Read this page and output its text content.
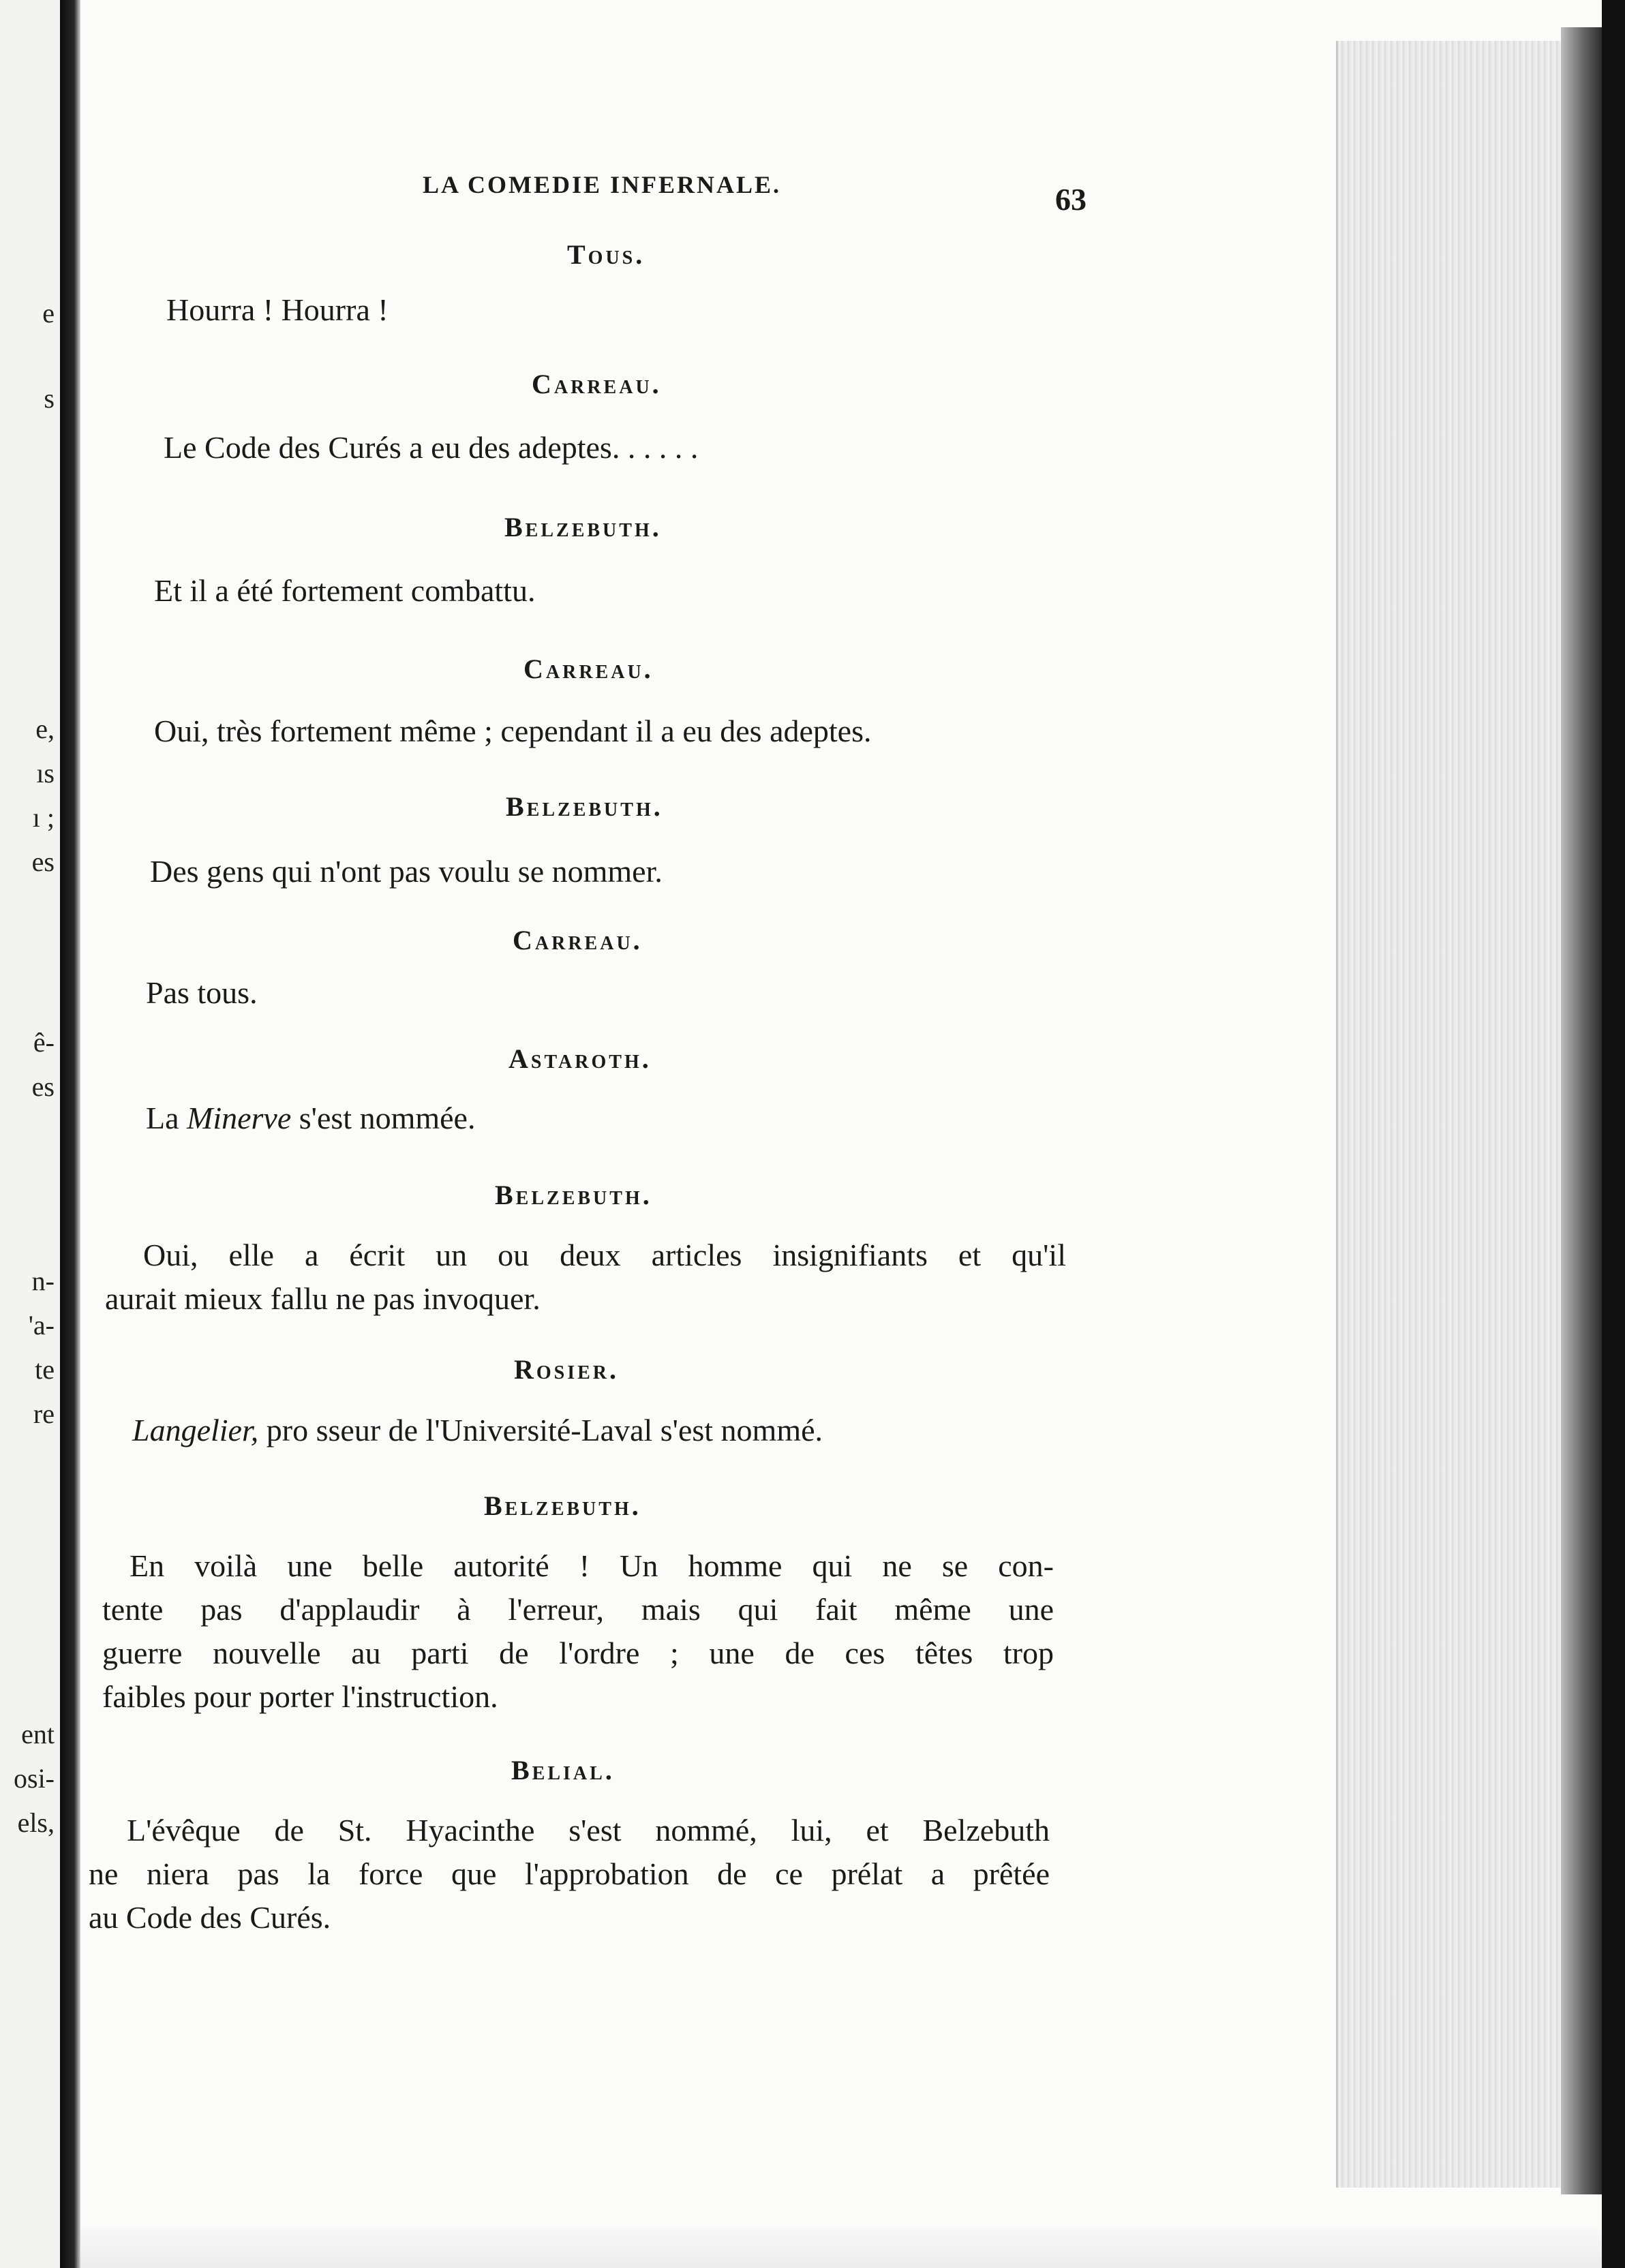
e
s
e,
ıs
ı ;
es
ê-
es
n-
'a-
te
re
ent
osi-
els,
LA COMEDIE INFERNALE.	63
Tous.
Hourra ! Hourra !
Carreau.
Le Code des Curés a eu des adeptes. . . . . .
Belzebuth.
Et il a été fortement combattu.
Carreau.
Oui, très fortement même ; cependant il a eu des adeptes.
Belzebuth.
Des gens qui n'ont pas voulu se nommer.
Carreau.
Pas tous.
Astaroth.
La Minerve s'est nommée.
Belzebuth.
Oui, elle a écrit un ou deux articles insignifiants et qu'il
aurait mieux fallu ne pas invoquer.
Rosier.
Langelier, pro sseur de l'Université-Laval s'est nommé.
Belzebuth.
En voilà une belle autorité ! Un homme qui ne se con-
tente pas d'applaudir à l'erreur, mais qui fait même une
guerre nouvelle au parti de l'ordre ; une de ces têtes trop
faibles pour porter l'instruction.
Belial.
L'évêque de St. Hyacinthe s'est nommé, lui, et Belzebuth
ne niera pas la force que l'approbation de ce prélat a prêtée
au Code des Curés.
